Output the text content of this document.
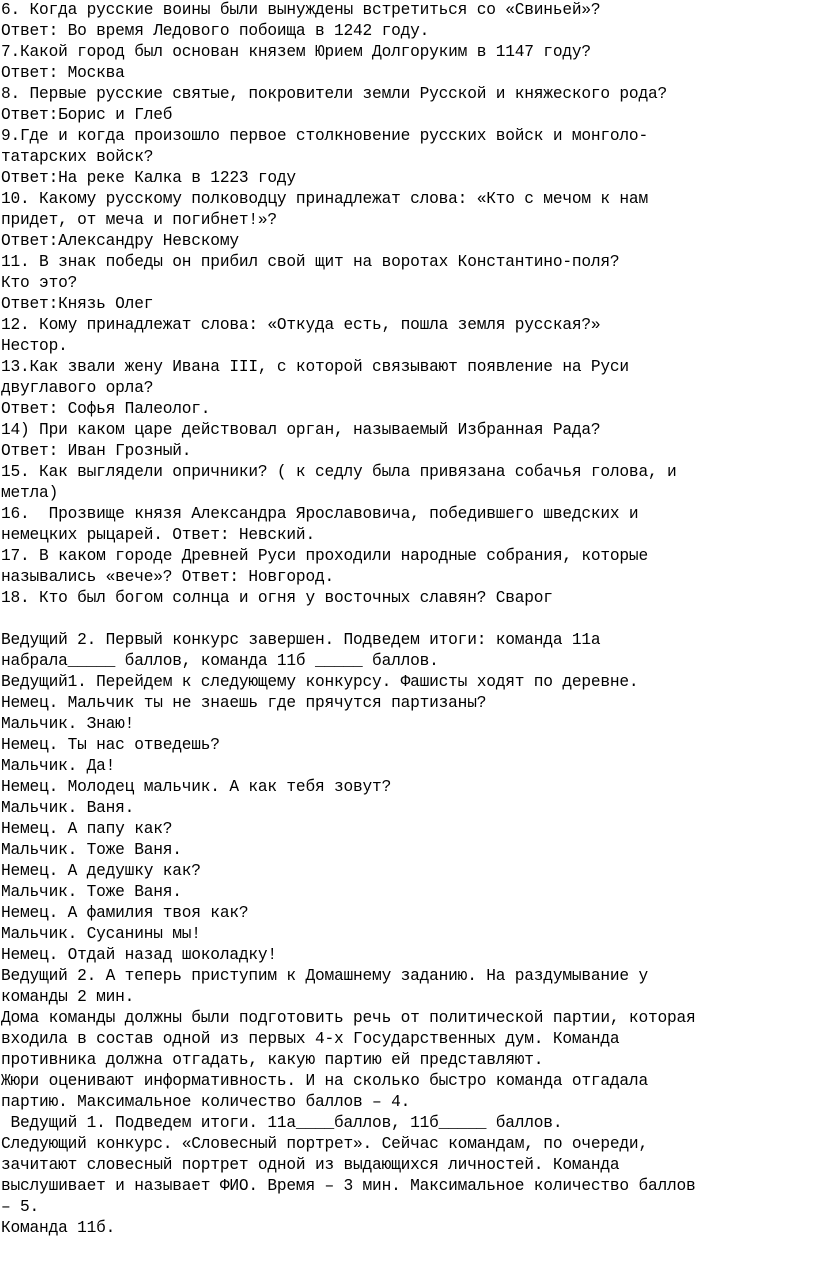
6. Когда русские воины были вынуждены встретиться со «Свиньей»?

Ответ: Во время Ледового побоища в 1242 году.

7.Какой город был основан князем Юрием Долгоруким в 1147 году?

Ответ: Москва

8. Первые русские святые, покровители земли Русской и княжеского рода?

Ответ:Борис и Глеб

9.Где и когда произошло первое столкновение русских войск и монголо-

татарских войск?

Ответ:На реке Калка в 1223 году

10. Какому русскому полководцу принадлежат слова: «Кто с мечом к нам

придет, от меча и погибнет!»?

Ответ:Александру Невскому

11. В знак победы он прибил свой щит на воротах Константино-поля?

Кто это?

Ответ:Князь Олег

12. Кому принадлежат слова: «Откуда есть, пошла земля русская?»

Нестор.

13.Как звали жену Ивана III, с которой связывают появление на Руси

двуглавого орла?

Ответ: Софья Палеолог.

14) При каком царе действовал орган, называемый Избранная Рада?

Ответ: Иван Грозный.

15. Как выглядели опричники? ( к седлу была привязана собачья голова, и

метла)

16.  Прозвище князя Александра Ярославовича, победившего шведских и

немецких рыцарей. Ответ: Невский.

17. В каком городе Древней Руси проходили народные собрания, которые

назывались «вече»? Ответ: Новгород.

18. Кто был богом солнца и огня у восточных славян? Сварог

Ведущий 2. Первый конкурс завершен. Подведем итоги: команда 11а

набрала_____ баллов, команда 11б _____ баллов.

Ведущий1. Перейдем к следующему конкурсу. Фашисты ходят по деревне.

Немец. Мальчик ты не знаешь где прячутся партизаны?

Мальчик. Знаю!

Немец. Ты нас отведешь?

Мальчик. Да!

Немец. Молодец мальчик. А как тебя зовут?

Мальчик. Ваня.

Немец. А папу как?

Мальчик. Тоже Ваня.

Немец. А дедушку как?

Мальчик. Тоже Ваня.

Немец. А фамилия твоя как?

Мальчик. Сусанины мы!

Немец. Отдай назад шоколадку!

Ведущий 2. А теперь приступим к Домашнему заданию. На раздумывание у

команды 2 мин.

Дома команды должны были подготовить речь от политической партии, которая

входила в состав одной из первых 4-х Государственных дум. Команда

противника должна отгадать, какую партию ей представляют.

Жюри оценивают информативность. И на сколько быстро команда отгадала

партию. Максимальное количество баллов – 4.

Ведущий 1. Подведем итоги. 11а____баллов, 11б_____ баллов.

Следующий конкурс. «Словесный портрет». Сейчас командам, по очереди,

зачитают словесный портрет одной из выдающихся личностей. Команда

выслушивает и называет ФИО. Время – 3 мин. Максимальное количество баллов

– 5.

Команда 11б.
